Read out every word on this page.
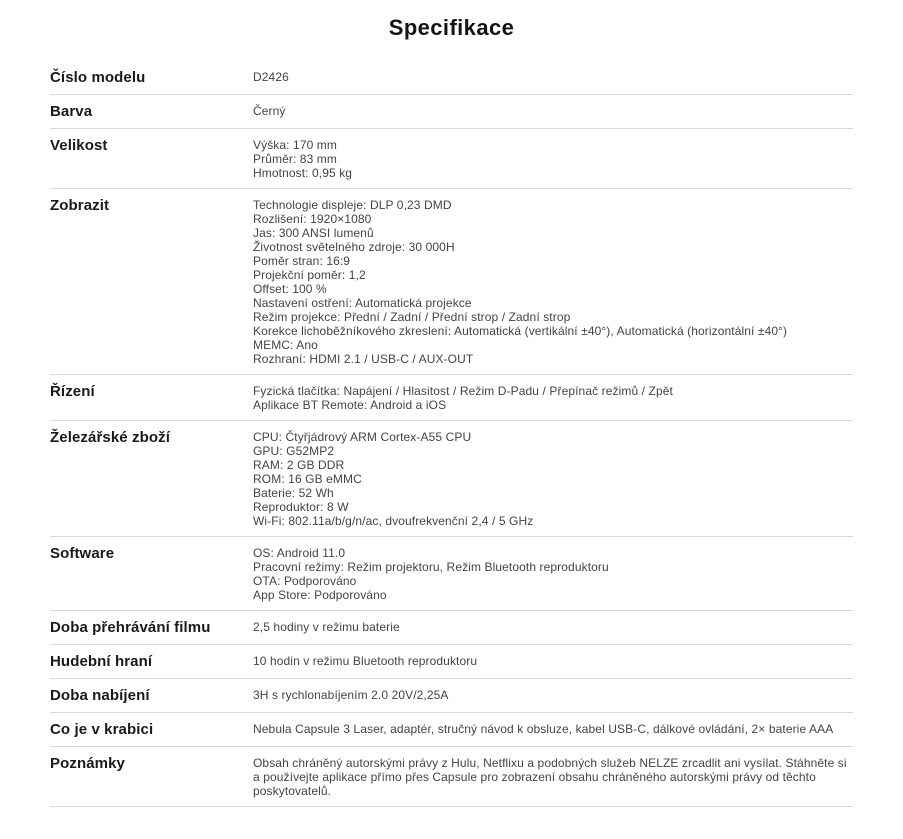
Specifikace
Číslo modelu	D2426
Barva	Černý
Velikost	Výška: 170 mm
Průměr: 83 mm
Hmotnost: 0,95 kg
Zobrazit	Technologie displeje: DLP 0,23 DMD
Rozlišení: 1920×1080
Jas: 300 ANSI lumenů
Životnost světelného zdroje: 30 000H
Poměr stran: 16:9
Projekční poměr: 1,2
Offset: 100 %
Nastavení ostření: Automatická projekce
Režim projekce: Přední / Zadní / Přední strop / Zadní strop
Korekce lichoběžníkového zkreslení: Automatická (vertikální ±40°), Automatická (horizontální ±40°)
MEMC: Ano
Rozhraní: HDMI 2.1 / USB-C / AUX-OUT
Řízení	Fyzická tlačítka: Napájení / Hlasitost / Režim D-Padu / Přepínač režimů / Zpět
Aplikace BT Remote: Android a iOS
Železářské zboží	CPU: Čtyřjádrový ARM Cortex-A55 CPU
GPU: G52MP2
RAM: 2 GB DDR
ROM: 16 GB eMMC
Baterie: 52 Wh
Reproduktor: 8 W
Wi-Fi: 802.11a/b/g/n/ac, dvoufrekvenční 2,4 / 5 GHz
Software	OS: Android 11.0
Pracovní režimy: Režim projektoru, Režim Bluetooth reproduktoru
OTA: Podporováno
App Store: Podporováno
Doba přehrávání filmu	2,5 hodiny v režimu baterie
Hudební hraní	10 hodin v režimu Bluetooth reproduktoru
Doba nabíjení	3H s rychlonabíjením 2.0 20V/2,25A
Co je v krabici	Nebula Capsule 3 Laser, adaptér, stručný návod k obsluze, kabel USB-C, dálkové ovládání, 2× baterie AAA
Poznámky	Obsah chráněný autorskými právy z Hulu, Netflixu a podobných služeb NELZE zrcadlit ani vysílat. Stáhněte si a používejte aplikace přímo přes Capsule pro zobrazení obsahu chráněného autorskými právy od těchto poskytovatelů.
